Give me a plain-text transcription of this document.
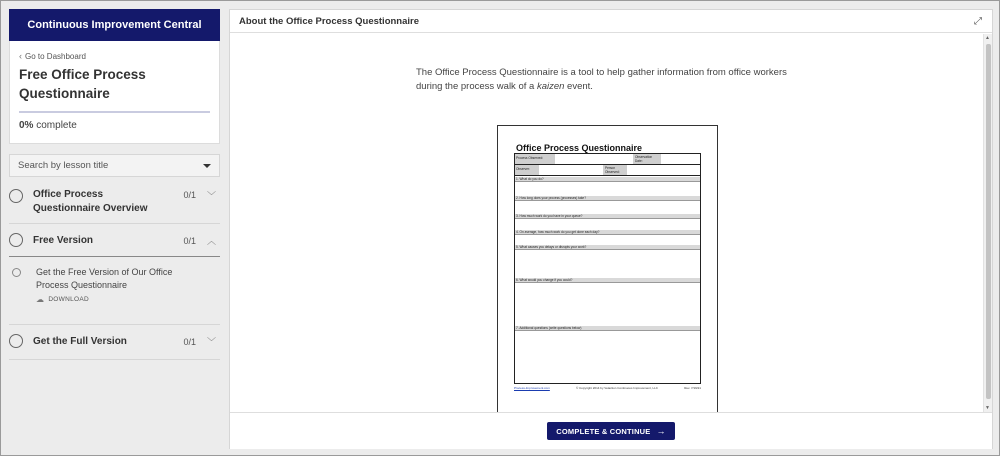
Continuous Improvement Central
‹ Go to Dashboard
Free Office Process Questionnaire
0% complete
Search by lesson title
Office Process Questionnaire Overview
0/1 ﹀
Free Version	0/1 ︿
Get the Free Version of Our Office Process Questionnaire
☁ DOWNLOAD
Get the Full Version	0/1 ﹀
About the Office Process Questionnaire	⤢

The Office Process Questionnaire is a tool to help gather information from office workers during the process walk of a kaizen event.

Office Process Questionnaire
Process Observed:	Observation Date:
Observer:	Person Observed:
1. What do you do?
2. How long does your process (processes) take?
3. How much work do you have in your queue?
4. On average, how much work do you get done each day?
5. What causes you delays or disrupts your work?
6. What would you change if you could?
7. Additional questions (write questions below)
Process-Improvement.com	© Copyright 2014 by Velaction Continuous Improvement, LLC	Rev. 7/19/21
▲
▼
COMPLETE & CONTINUE →
